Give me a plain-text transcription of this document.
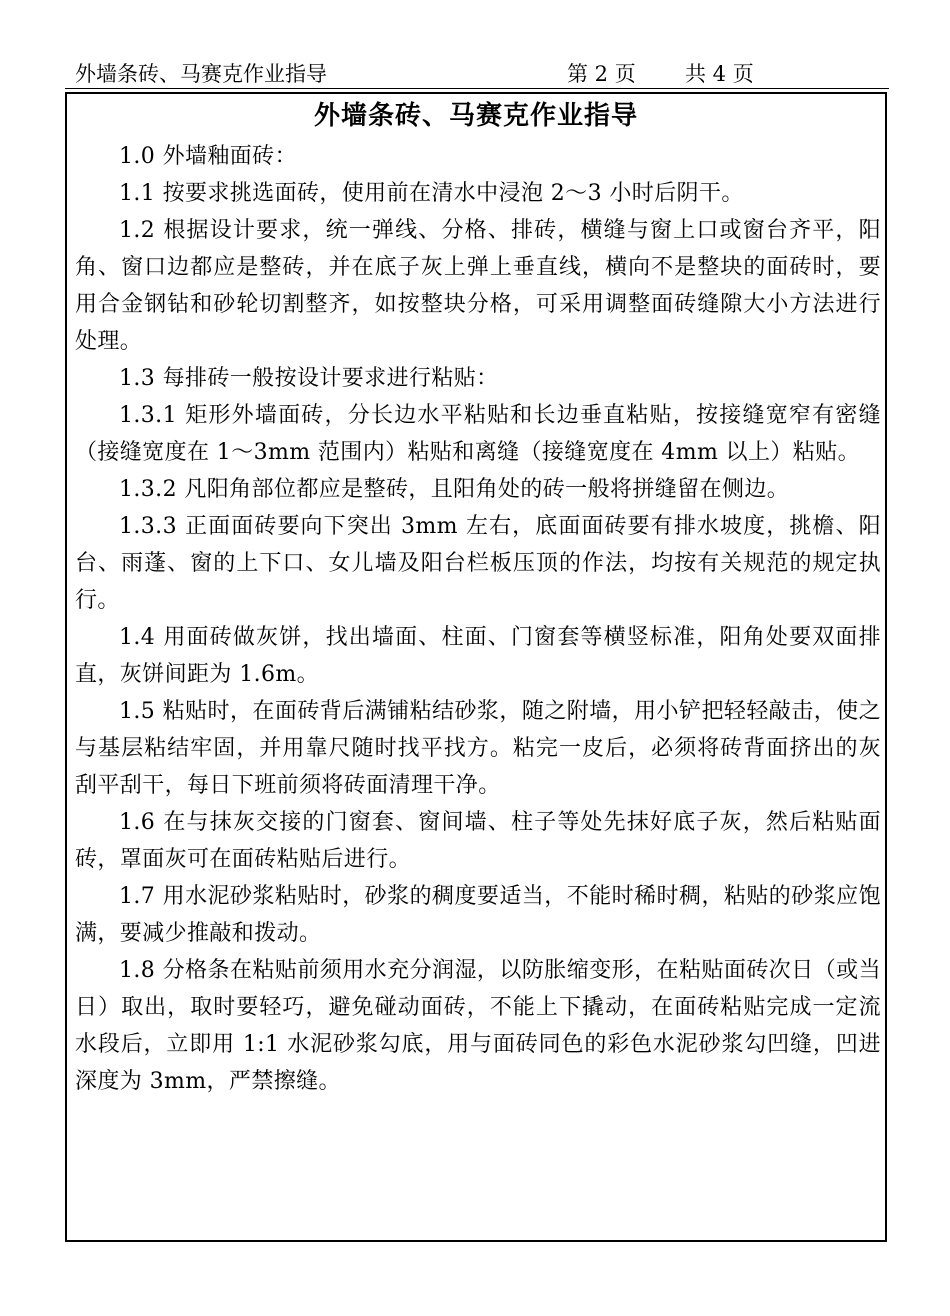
外墙条砖、马赛克作业指导	第 2 页 共 4 页
外墙条砖、马赛克作业指导

1.0 外墙釉面砖：

1.1 按要求挑选面砖，使用前在清水中浸泡 2～3 小时后阴干。

1.2 根据设计要求，统一弹线、分格、排砖，横缝与窗上口或窗台齐平，阳角、窗口边都应是整砖，并在底子灰上弹上垂直线，横向不是整块的面砖时，要用合金钢钻和砂轮切割整齐，如按整块分格，可采用调整面砖缝隙大小方法进行处理。

1.3 每排砖一般按设计要求进行粘贴：

1.3.1 矩形外墙面砖，分长边水平粘贴和长边垂直粘贴，按接缝宽窄有密缝（接缝宽度在 1～3mm 范围内）粘贴和离缝（接缝宽度在 4mm 以上）粘贴。

1.3.2 凡阳角部位都应是整砖，且阳角处的砖一般将拼缝留在侧边。

1.3.3 正面面砖要向下突出 3mm 左右，底面面砖要有排水坡度，挑檐、阳台、雨蓬、窗的上下口、女儿墙及阳台栏板压顶的作法，均按有关规范的规定执行。

1.4 用面砖做灰饼，找出墙面、柱面、门窗套等横竖标准，阳角处要双面排直，灰饼间距为 1.6m。

1.5 粘贴时，在面砖背后满铺粘结砂浆，随之附墙，用小铲把轻轻敲击，使之与基层粘结牢固，并用靠尺随时找平找方。粘完一皮后，必须将砖背面挤出的灰刮平刮干，每日下班前须将砖面清理干净。

1.6 在与抹灰交接的门窗套、窗间墙、柱子等处先抹好底子灰，然后粘贴面砖，罩面灰可在面砖粘贴后进行。

1.7 用水泥砂浆粘贴时，砂浆的稠度要适当，不能时稀时稠，粘贴的砂浆应饱满，要减少推敲和拨动。

1.8 分格条在粘贴前须用水充分润湿，以防胀缩变形，在粘贴面砖次日（或当日）取出，取时要轻巧，避免碰动面砖，不能上下撬动，在面砖粘贴完成一定流水段后，立即用 1:1 水泥砂浆勾底，用与面砖同色的彩色水泥砂浆勾凹缝，凹进深度为 3mm，严禁擦缝。
